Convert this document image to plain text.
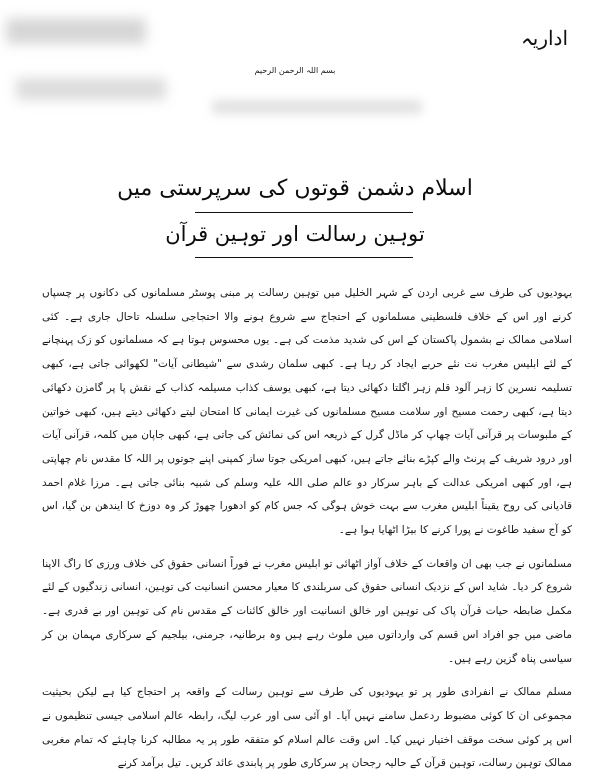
اداریہ
بسم اللہ الرحمن الرحیم
اسلام دشمن قوتوں کی سرپرستی میں
توہین رسالت اور توہین قرآن

یہودیوں کی طرف سے غربی اردن کے شہر الخلیل میں توہین رسالت پر مبنی پوسٹر مسلمانوں کی دکانوں پر چسپاں کرنے اور اس کے خلاف فلسطینی مسلمانوں کے احتجاج سے شروع ہونے والا احتجاجی سلسلہ تاحال جاری ہے۔ کئی اسلامی ممالک نے بشمول پاکستان کے اس کی شدید مذمت کی ہے۔ یوں محسوس ہوتا ہے کہ مسلمانوں کو زک پہنچانے کے لئے ابلیس مغرب نت نئے حربے ایجاد کر رہا ہے۔ کبھی سلمان رشدی سے "شیطانی آیات" لکھوائی جاتی ہے، کبھی تسلیمہ نسرین کا زہر آلود قلم زہر اگلتا دکھائی دیتا ہے، کبھی یوسف کذاب مسیلمہ کذاب کے نقش پا پر گامزن دکھائی دیتا ہے، کبھی رحمت مسیح اور سلامت مسیح مسلمانوں کی غیرت ایمانی کا امتحان لیتے دکھائی دیتے ہیں، کبھی خواتین کے ملبوسات پر قرآنی آیات چھاپ کر ماڈل گرل کے ذریعہ اس کی نمائش کی جاتی ہے، کبھی جاپان میں کلمہ، قرآنی آیات اور درود شریف کے پرنٹ والے کپڑے بنائے جاتے ہیں، کبھی امریکی جوتا ساز کمپنی اپنے جوتوں پر اللہ کا مقدس نام چھاپتی ہے، اور کبھی امریکی عدالت کے باہر سرکار دو عالم صلی اللہ علیہ وسلم کی شبیہ بنائی جاتی ہے۔ مرزا غلام احمد قادیانی کی روح یقیناً ابلیس مغرب سے بہت خوش ہوگی کہ جس کام کو ادھورا چھوڑ کر وہ دوزخ کا ایندھن بن گیا، اس کو آج سفید طاغوت نے پورا کرنے کا بیڑا اٹھایا ہوا ہے۔

مسلمانوں نے جب بھی ان واقعات کے خلاف آواز اٹھائی تو ابلیس مغرب نے فوراً انسانی حقوق کی خلاف ورزی کا راگ الاپنا شروع کر دیا۔ شاید اس کے نزدیک انسانی حقوق کی سربلندی کا معیار محسن انسانیت کی توہین، انسانی زندگیوں کے لئے مکمل ضابطہ حیات قرآن پاک کی توہین اور خالق انسانیت اور خالق کائنات کے مقدس نام کی توہین اور بے قدری ہے۔ ماضی میں جو افراد اس قسم کی وارداتوں میں ملوث رہے ہیں وہ برطانیہ، جرمنی، بیلجیم کے سرکاری مہمان بن کر سیاسی پناہ گزین رہے ہیں۔

مسلم ممالک نے انفرادی طور پر تو یہودیوں کی طرف سے توہین رسالت کے واقعہ پر احتجاج کیا ہے لیکن بحیثیت مجموعی ان کا کوئی مضبوط ردعمل سامنے نہیں آیا۔ او آئی سی اور عرب لیگ، رابطہ عالم اسلامی جیسی تنظیموں نے اس پر کوئی سخت موقف اختیار نہیں کیا۔ اس وقت عالم اسلام کو متفقہ طور پر یہ مطالبہ کرنا چاہئے کہ تمام مغربی ممالک توہین رسالت، توہین قرآن کے حالیہ رجحان پر سرکاری طور پر پابندی عائد کریں۔ تیل برآمد کرنے
